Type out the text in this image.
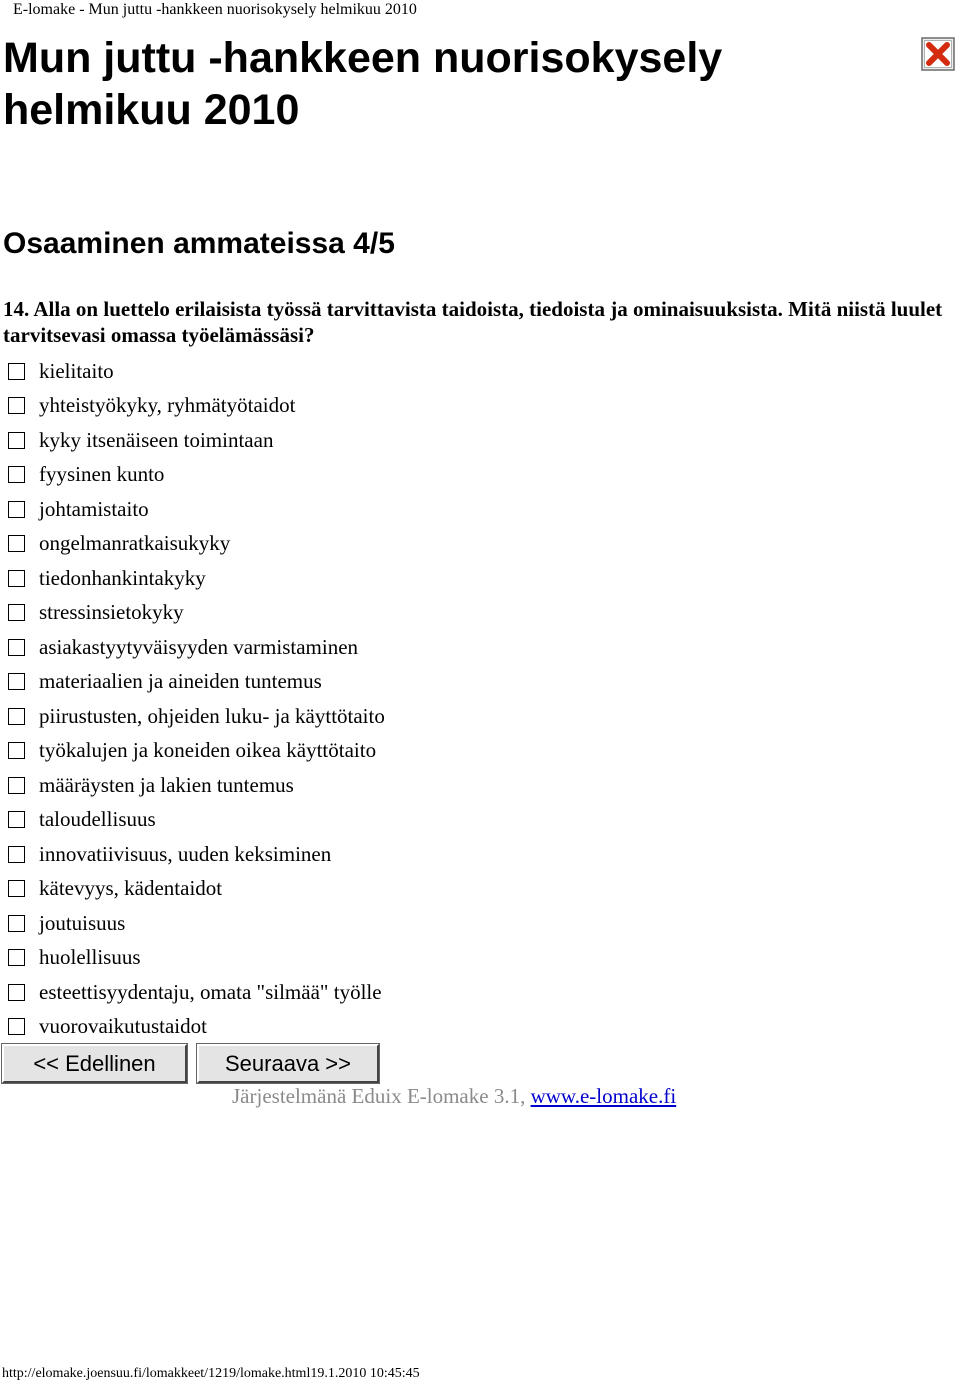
E-lomake - Mun juttu -hankkeen nuorisokysely helmikuu 2010
Mun juttu -hankkeen nuorisokysely helmikuu 2010
Osaaminen ammateissa 4/5

14. Alla on luettelo erilaisista työssä tarvittavista taidoista, tiedoista ja ominaisuuksista. Mitä niistä luulet tarvitsevasi omassa työelämässäsi?

kielitaito
yhteistyökyky, ryhmätyötaidot
kyky itsenäiseen toimintaan
fyysinen kunto
johtamistaito
ongelmanratkaisukyky
tiedonhankintakyky
stressinsietokyky
asiakastyytyväisyyden varmistaminen
materiaalien ja aineiden tuntemus
piirustusten, ohjeiden luku- ja käyttötaito
työkalujen ja koneiden oikea käyttötaito
määräysten ja lakien tuntemus
taloudellisuus
innovatiivisuus, uuden keksiminen
kätevyys, kädentaidot
joutuisuus
huolellisuus
esteettisyydentaju, omata "silmää" työlle
vuorovaikutustaidot
<< Edellinen	Seuraava >>
Järjestelmänä Eduix E-lomake 3.1, www.e-lomake.fi
http://elomake.joensuu.fi/lomakkeet/1219/lomake.html19.1.2010 10:45:45
